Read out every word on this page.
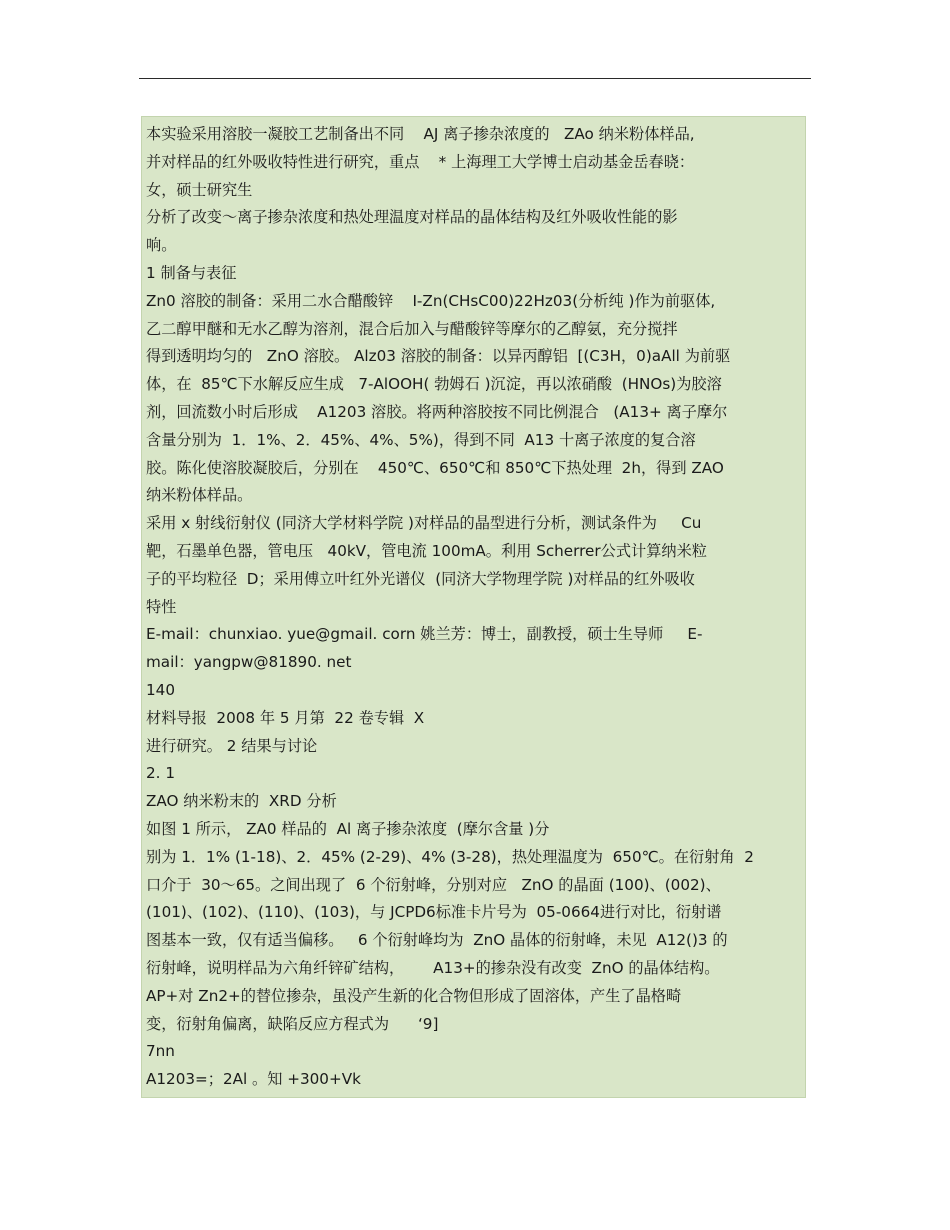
本实验采用溶胶一凝胶工艺制备出不同    AJ 离子掺杂浓度的   ZAo 纳米粉体样品,
并对样品的红外吸收特性进行研究，重点    * 上海理工大学博士启动基金岳春晓：
女，硕士研究生
分析了改变～离子掺杂浓度和热处理温度对样品的晶体结构及红外吸收性能的影
响。
1 制备与表征
Zn0 溶胶的制备：采用二水合醋酸锌    I-Zn(CHsC00)22Hz03(分析纯 )作为前驱体,
乙二醇甲醚和无水乙醇为溶剂，混合后加入与醋酸锌等摩尔的乙醇氨，充分搅拌
得到透明均匀的   ZnO 溶胶。 Alz03 溶胶的制备：以异丙醇铝  [(C3H，0)aAll 为前驱
体，在  85℃下水解反应生成   7-AlOOH( 勃姆石 )沉淀，再以浓硝酸  (HNOs)为胶溶
剂，回流数小时后形成    A1203 溶胶。将两种溶胶按不同比例混合   (A13+ 离子摩尔
含量分别为  1．1%、2．45%、4%、5%)，得到不同  A13 十离子浓度的复合溶
胶。陈化使溶胶凝胶后，分别在    450℃、650℃和 850℃下热处理  2h，得到 ZAO
纳米粉体样品。
采用 x 射线衍射仪 (同济大学材料学院 )对样品的晶型进行分析，测试条件为     Cu
靶，石墨单色器，管电压   40kV，管电流 100mA。利用 Scherrer公式计算纳米粒
子的平均粒径  D；采用傅立叶红外光谱仪  (同济大学物理学院 )对样品的红外吸收
特性
E-mail：chunxiao. yue@gmail. corn 姚兰芳：博士，副教授，硕士生导师     E-
mail：yangpw@81890. net
140
材料导报  2008 年 5 月第  22 卷专辑  X
进行研究。 2 结果与讨论
2. 1
ZAO 纳米粉末的  XRD 分析
如图 1 所示， ZA0 样品的  Al 离子掺杂浓度  (摩尔含量 )分
别为 1．1% (1-18)、2．45% (2-29)、4% (3-28)，热处理温度为  650℃。在衍射角  2
口介于  30～65。之间出现了  6 个衍射峰，分别对应   ZnO 的晶面 (100)、(002)、
(101)、(102)、(110)、(103)，与 JCPD6标准卡片号为  05-0664进行对比，衍射谱
图基本一致，仅有适当偏移。   6 个衍射峰均为  ZnO 晶体的衍射峰，未见  A12()3 的
衍射峰，说明样品为六角纤锌矿结构，      A13+的掺杂没有改变  ZnO 的晶体结构。
AP+对 Zn2+的替位掺杂，虽没产生新的化合物但形成了固溶体，产生了晶格畸
变，衍射角偏离，缺陷反应方程式为      ‘9]
7nn
A1203=；2Al 。知 +300+Vk
